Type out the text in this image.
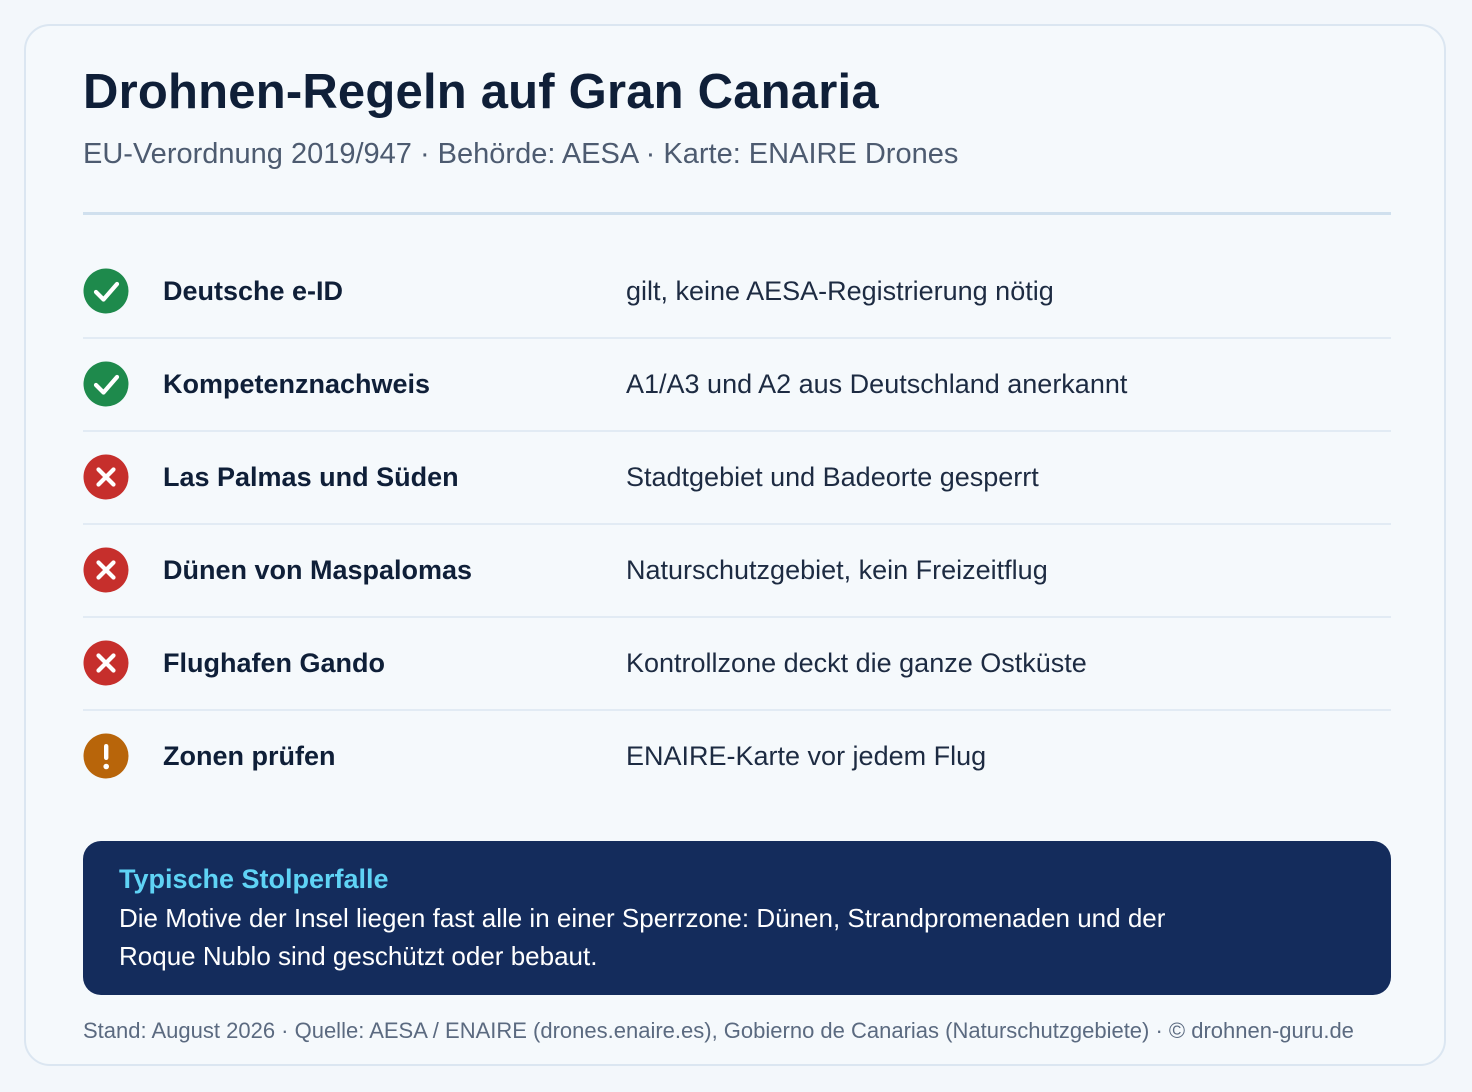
Drohnen-Regeln auf Gran Canaria

EU-Verordnung 2019/947 · Behörde: AESA · Karte: ENAIRE Drones

Deutsche e-ID	gilt, keine AESA-Registrierung nötig
Kompetenznachweis	A1/A3 und A2 aus Deutschland anerkannt
Las Palmas und Süden	Stadtgebiet und Badeorte gesperrt
Dünen von Maspalomas	Naturschutzgebiet, kein Freizeitflug
Flughafen Gando	Kontrollzone deckt die ganze Ostküste
Zonen prüfen	ENAIRE-Karte vor jedem Flug
Typische Stolperfalle
Die Motive der Insel liegen fast alle in einer Sperrzone: Dünen, Strandpromenaden und der Roque Nublo sind geschützt oder bebaut.
Stand: August 2026 · Quelle: AESA / ENAIRE (drones.enaire.es), Gobierno de Canarias (Naturschutzgebiete) · © drohnen-guru.de
